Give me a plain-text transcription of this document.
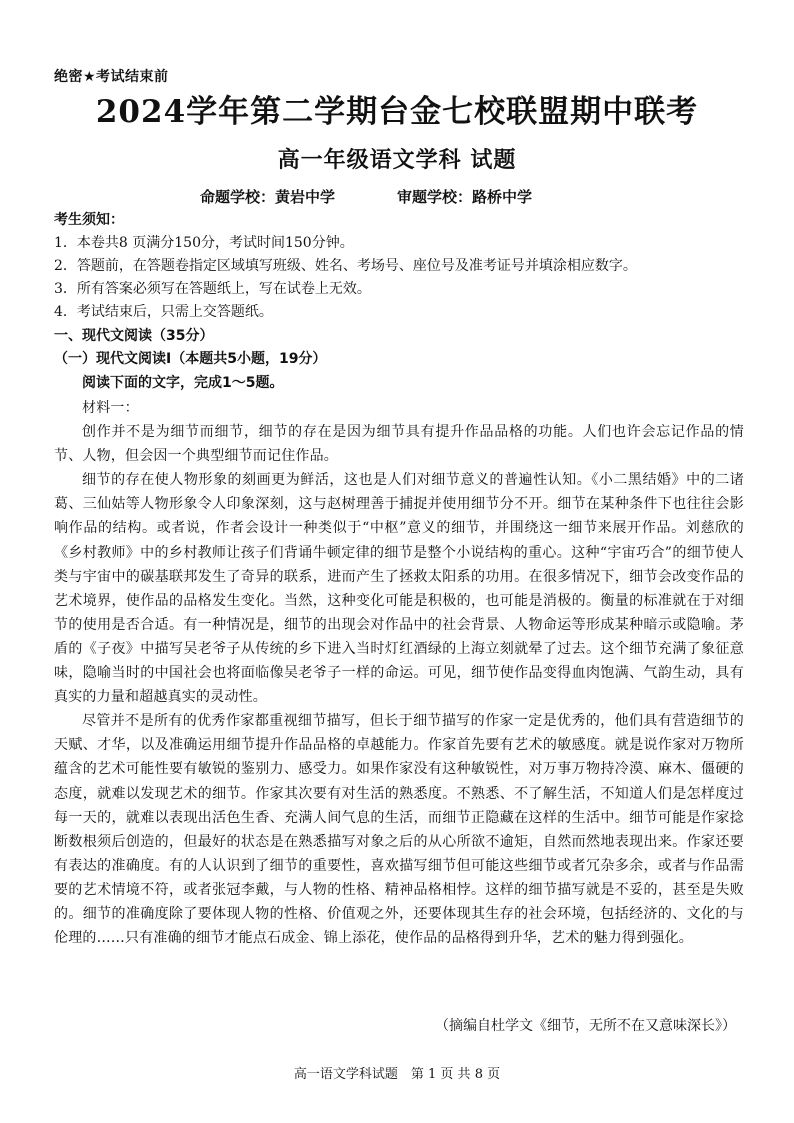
绝密★考试结束前
2024学年第二学期台金七校联盟期中联考
高一年级语文学科 试题
命题学校：黄岩中学	审题学校：路桥中学
考生须知：
1．本卷共8 页满分150分，考试时间150分钟。
2．答题前，在答题卷指定区域填写班级、姓名、考场号、座位号及准考证号并填涂相应数字。
3．所有答案必须写在答题纸上，写在试卷上无效。
4．考试结束后，只需上交答题纸。
一、现代文阅读（35分）
（一）现代文阅读Ⅰ（本题共5小题，19分）
阅读下面的文字，完成1～5题。

材料一：

创作并不是为细节而细节，细节的存在是因为细节具有提升作品品格的功能。人们也许会忘记作品的情节、人物，但会因一个典型细节而记住作品。

细节的存在使人物形象的刻画更为鲜活，这也是人们对细节意义的普遍性认知。《小二黑结婚》中的二诸葛、三仙姑等人物形象令人印象深刻，这与赵树理善于捕捉并使用细节分不开。细节在某种条件下也往往会影响作品的结构。或者说，作者会设计一种类似于“中枢”意义的细节，并围绕这一细节来展开作品。刘慈欣的《乡村教师》中的乡村教师让孩子们背诵牛顿定律的细节是整个小说结构的重心。这种“宇宙巧合”的细节使人类与宇宙中的碳基联邦发生了奇异的联系，进而产生了拯救太阳系的功用。在很多情况下，细节会改变作品的艺术境界，使作品的品格发生变化。当然，这种变化可能是积极的，也可能是消极的。衡量的标准就在于对细节的使用是否合适。有一种情况是，细节的出现会对作品中的社会背景、人物命运等形成某种暗示或隐喻。茅盾的《子夜》中描写吴老爷子从传统的乡下进入当时灯红酒绿的上海立刻就晕了过去。这个细节充满了象征意味，隐喻当时的中国社会也将面临像吴老爷子一样的命运。可见，细节使作品变得血肉饱满、气韵生动，具有真实的力量和超越真实的灵动性。

尽管并不是所有的优秀作家都重视细节描写，但长于细节描写的作家一定是优秀的，他们具有营造细节的天赋、才华，以及准确运用细节提升作品品格的卓越能力。作家首先要有艺术的敏感度。就是说作家对万物所蕴含的艺术可能性要有敏锐的鉴别力、感受力。如果作家没有这种敏锐性，对万事万物持冷漠、麻木、僵硬的态度，就难以发现艺术的细节。作家其次要有对生活的熟悉度。不熟悉、不了解生活，不知道人们是怎样度过每一天的，就难以表现出活色生香、充满人间气息的生活，而细节正隐藏在这样的生活中。细节可能是作家捻断数根须后创造的，但最好的状态是在熟悉描写对象之后的从心所欲不逾矩，自然而然地表现出来。作家还要有表达的准确度。有的人认识到了细节的重要性，喜欢描写细节但可能这些细节或者冗杂多余，或者与作品需要的艺术情境不符，或者张冠李戴，与人物的性格、精神品格相悖。这样的细节描写就是不妥的，甚至是失败的。细节的准确度除了要体现人物的性格、价值观之外，还要体现其生存的社会环境，包括经济的、文化的与伦理的……只有准确的细节才能点石成金、锦上添花，使作品的品格得到升华，艺术的魅力得到强化。

（摘编自杜学文《细节，无所不在又意味深长》）
高一语文学科试题　第 1 页 共 8 页
